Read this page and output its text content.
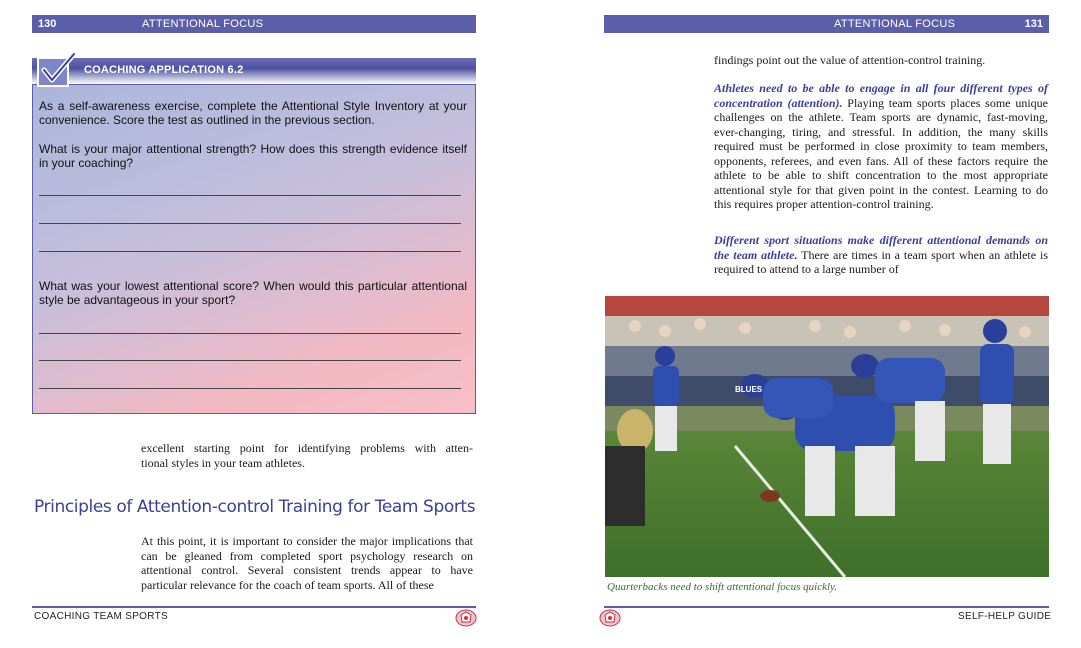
130	ATTENTIONAL FOCUS
COACHING APPLICATION 6.2
As a self-awareness exercise, complete the Attentional Style Inventory at your convenience. Score the test as outlined in the previous section.
What is your major attentional strength? How does this strength evidence itself in your coaching?
What was your lowest attentional score? When would this particular attentional style be advantageous in your sport?
excellent starting point for identifying problems with atten-
tional styles in your team athletes.
Principles of Attention-control Training for Team Sports
At this point, it is important to consider the major implications that can be gleaned from completed sport psychology research on attentional control. Several consistent trends appear to have particular relevance for the coach of team sports. All of these
COACHING TEAM SPORTS
ATTENTIONAL FOCUS	131
findings point out the value of attention-control training.
Athletes need to be able to engage in all four different types of concentration (attention). Playing team sports places some unique challenges on the athlete. Team sports are dynamic, fast-moving, ever-changing, tiring, and stressful. In addition, the many skills required must be performed in close proximity to team members, opponents, referees, and even fans. All of these factors require the athlete to be able to shift concentration to the most appropriate attentional style for that given point in the contest. Learning to do this requires proper attention-control training.
Different sport situations make different attentional demands on the team athlete. There are times in a team sport when an athlete is required to attend to a large number of
BLUES
Quarterbacks need to shift attentional focus quickly.
SELF-HELP GUIDE
